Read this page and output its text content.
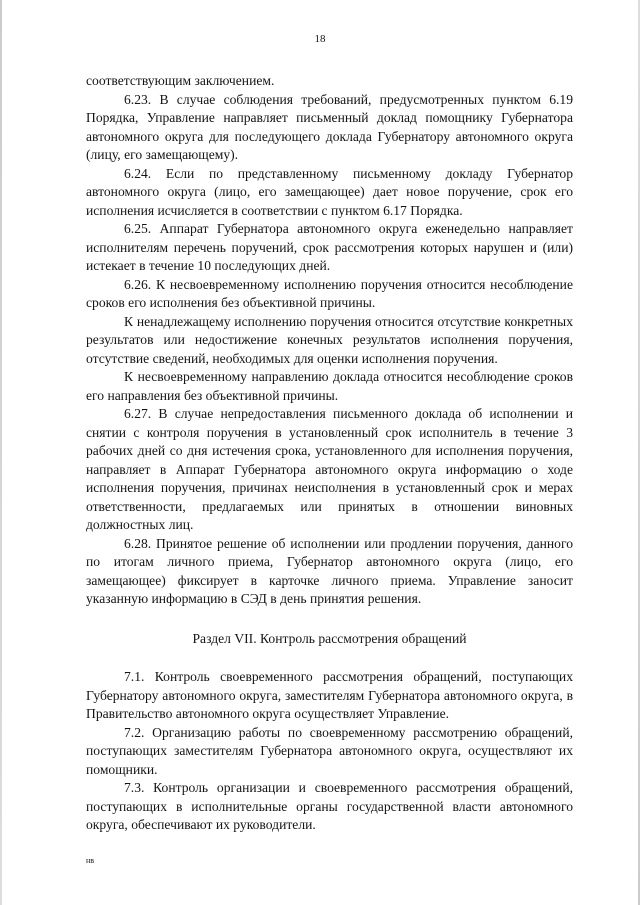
18

соответствующим заключением.

6.23. В случае соблюдения требований, предусмотренных пунктом 6.19 Порядка, Управление направляет письменный доклад помощнику Губернатора автономного округа для последующего доклада Губернатору автономного округа (лицу, его замещающему).

6.24. Если по представленному письменному докладу Губернатор автономного округа (лицо, его замещающее) дает новое поручение, срок его исполнения исчисляется в соответствии с пунктом 6.17 Порядка.

6.25. Аппарат Губернатора автономного округа еженедельно направляет исполнителям перечень поручений, срок рассмотрения которых нарушен и (или) истекает в течение 10 последующих дней.

6.26. К несвоевременному исполнению поручения относится несоблюдение сроков его исполнения без объективной причины.

К ненадлежащему исполнению поручения относится отсутствие конкретных результатов или недостижение конечных результатов исполнения поручения, отсутствие сведений, необходимых для оценки исполнения поручения.

К несвоевременному направлению доклада относится несоблюдение сроков его направления без объективной причины.

6.27. В случае непредоставления письменного доклада об исполнении и снятии с контроля поручения в установленный срок исполнитель в течение 3 рабочих дней со дня истечения срока, установленного для исполнения поручения, направляет в Аппарат Губернатора автономного округа информацию о ходе исполнения поручения, причинах неисполнения в установленный срок и мерах ответственности, предлагаемых или принятых в отношении виновных должностных лиц.

6.28. Принятое решение об исполнении или продлении поручения, данного по итогам личного приема, Губернатор автономного округа (лицо, его замещающее) фиксирует в карточке личного приема. Управление заносит указанную информацию в СЭД в день принятия решения.

Раздел VII. Контроль рассмотрения обращений

7.1. Контроль своевременного рассмотрения обращений, поступающих Губернатору автономного округа, заместителям Губернатора автономного округа, в Правительство автономного округа осуществляет Управление.

7.2. Организацию работы по своевременному рассмотрению обращений, поступающих заместителям Губернатора автономного округа, осуществляют их помощники.

7.3. Контроль организации и своевременного рассмотрения обращений, поступающих в исполнительные органы государственной власти автономного округа, обеспечивают их руководители.

нв
